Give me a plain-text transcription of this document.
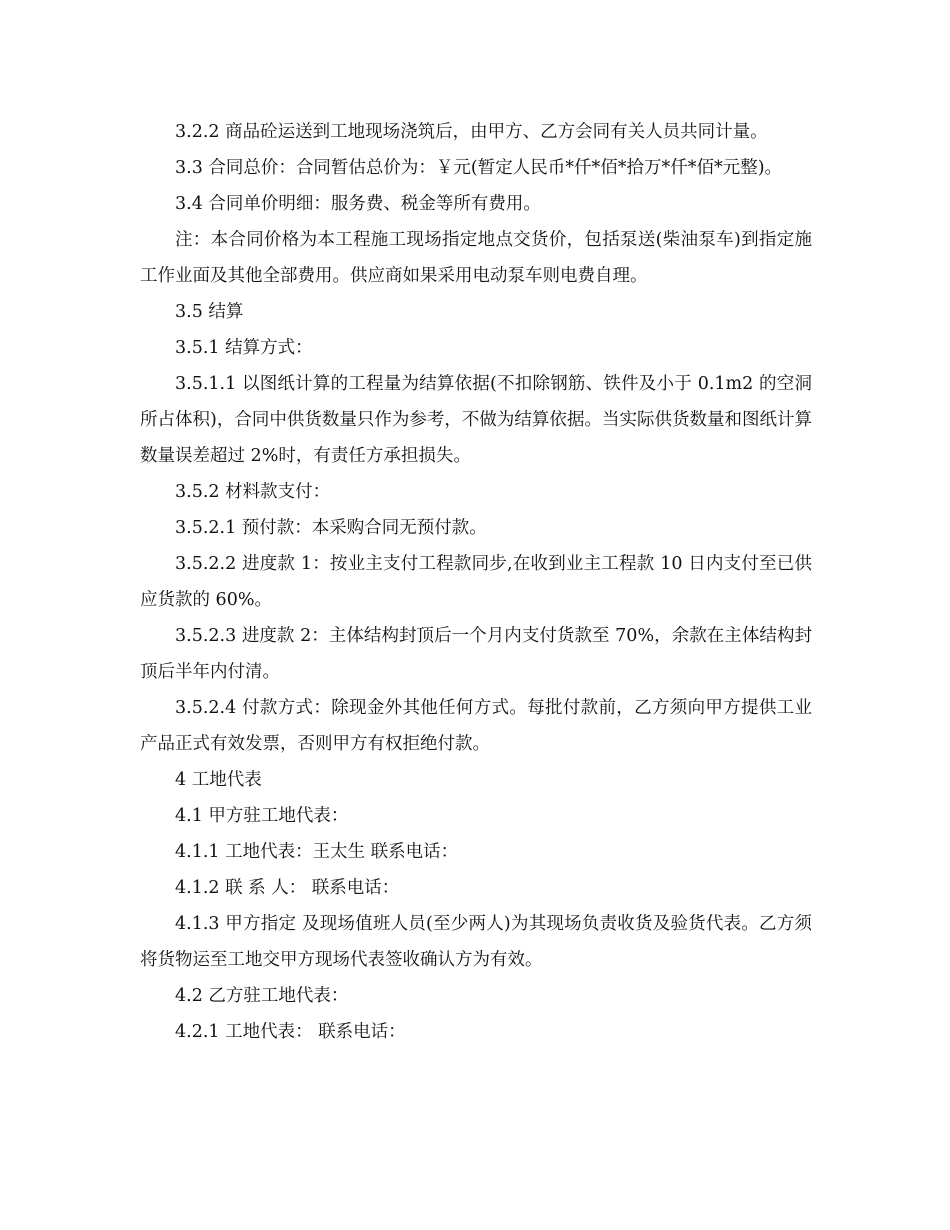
3.2.2 商品砼运送到工地现场浇筑后，由甲方、乙方会同有关人员共同计量。

3.3 合同总价：合同暂估总价为：￥元(暂定人民币*仟*佰*拾万*仟*佰*元整)。

3.4 合同单价明细：服务费、税金等所有费用。

注：本合同价格为本工程施工现场指定地点交货价，包括泵送(柴油泵车)到指定施工作业面及其他全部费用。供应商如果采用电动泵车则电费自理。

3.5 结算

3.5.1 结算方式：

3.5.1.1 以图纸计算的工程量为结算依据(不扣除钢筋、铁件及小于 0.1m2 的空洞所占体积)，合同中供货数量只作为参考，不做为结算依据。当实际供货数量和图纸计算数量误差超过 2%时，有责任方承担损失。

3.5.2 材料款支付：

3.5.2.1 预付款：本采购合同无预付款。

3.5.2.2 进度款 1：按业主支付工程款同步,在收到业主工程款 10 日内支付至已供应货款的 60%。

3.5.2.3 进度款 2：主体结构封顶后一个月内支付货款至 70%，余款在主体结构封顶后半年内付清。

3.5.2.4 付款方式：除现金外其他任何方式。每批付款前，乙方须向甲方提供工业产品正式有效发票，否则甲方有权拒绝付款。

4 工地代表

4.1 甲方驻工地代表：

4.1.1 工地代表：王太生 联系电话：

4.1.2 联 系 人： 联系电话：

4.1.3 甲方指定 及现场值班人员(至少两人)为其现场负责收货及验货代表。乙方须将货物运至工地交甲方现场代表签收确认方为有效。

4.2 乙方驻工地代表：

4.2.1 工地代表： 联系电话：
